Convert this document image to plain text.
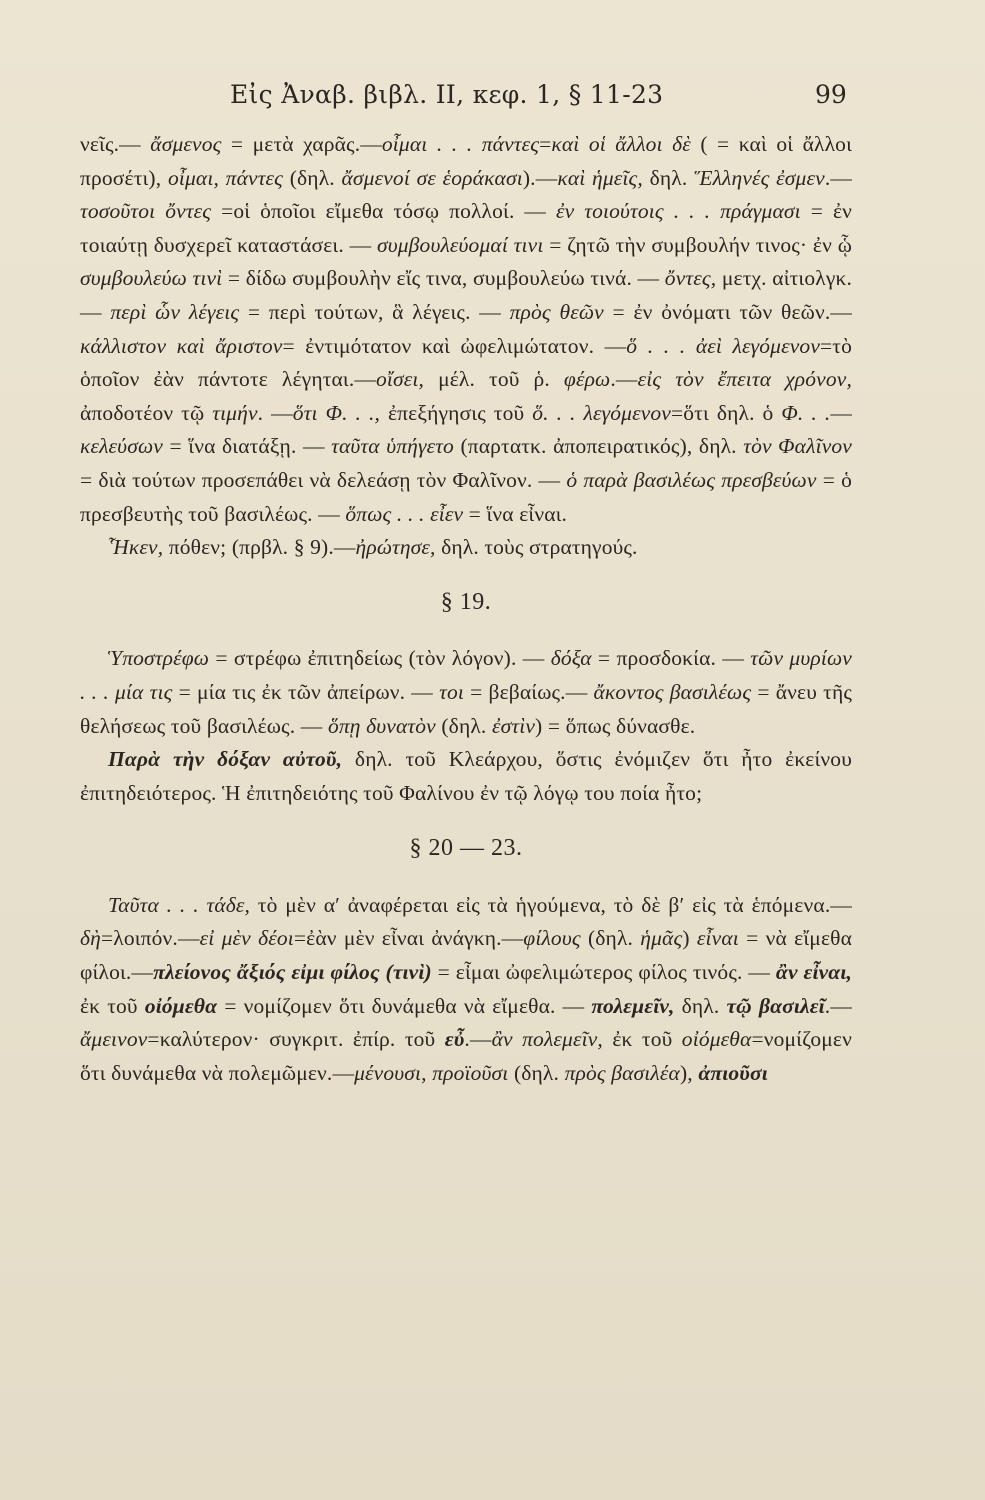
Εἰς Ἀναβ. βιβλ. II, κεφ. 1, § 11‑23	99

νεῖς.— ἄσμενος = μετὰ χαρᾶς.—οἶμαι . . . πάντες=καὶ οἱ ἄλλοι δὲ ( = καὶ οἱ ἄλλοι προσέτι), οἶμαι, πάντες (δηλ. ἄσμενοί σε ἑοράκασι).—καὶ ἡμεῖς, δηλ. Ἕλληνές ἐσμεν.—τοσοῦτοι ὄντες =οἱ ὁποῖοι εἴμεθα τόσῳ πολλοί. — ἐν τοιούτοις . . . πράγμασι = ἐν τοιαύτῃ δυσχερεῖ καταστάσει. — συμβουλεύομαί τινι = ζητῶ τὴν συμβουλήν τινος· ἐν ᾧ συμβουλεύω τινὶ = δίδω συμβουλὴν εἴς τινα, συμβουλεύω τινά. — ὄντες, μετχ. αἰτιολγκ. — περὶ ὧν λέγεις = περὶ τούτων, ἃ λέγεις. — πρὸς θεῶν = ἐν ὀνόματι τῶν θεῶν.—κάλλιστον καὶ ἄριστον= ἐντιμότατον καὶ ὠφελιμώτατον. —ὅ . . . ἀεὶ λεγόμενον=τὸ ὁποῖον ἐὰν πάντοτε λέγηται.—οἴσει, μέλ. τοῦ ῥ. φέρω.—εἰς τὸν ἔπειτα χρόνον, ἀποδοτέον τῷ τιμήν. —ὅτι Φ. . ., ἐπεξήγησις τοῦ ὅ. . . λεγόμενον=ὅτι δηλ. ὁ Φ. . .— κελεύσων = ἵνα διατάξῃ. — ταῦτα ὑπήγετο (παρτατκ. ἀποπειρατικός), δηλ. τὸν Φαλῖνον = διὰ τούτων προσεπάθει νὰ δελεάσῃ τὸν Φαλῖνον. — ὁ παρὰ βασιλέως πρεσβεύων = ὁ πρεσβευτὴς τοῦ βασιλέως. — ὅπως . . . εἶεν = ἵνα εἶναι.

Ἧκεν, πόθεν; (πρβλ. § 9).—ἠρώτησε, δηλ. τοὺς στρατηγούς.

§ 19.

Ὑποστρέφω = στρέφω ἐπιτηδείως (τὸν λόγον). — δόξα = προσδοκία. — τῶν μυρίων . . . μία τις = μία τις ἐκ τῶν ἀπείρων. — τοι = βεβαίως.— ἄκοντος βασιλέως = ἄνευ τῆς θελήσεως τοῦ βασιλέως. — ὅπῃ δυνατὸν (δηλ. ἐστὶν) = ὅπως δύνασθε.

Παρὰ τὴν δόξαν αὐτοῦ, δηλ. τοῦ Κλεάρχου, ὅστις ἐνόμιζεν ὅτι ἦτο ἐκείνου ἐπιτηδειότερος. Ἡ ἐπιτηδειότης τοῦ Φαλίνου ἐν τῷ λόγῳ του ποία ἦτο;

§ 20 — 23.

Ταῦτα . . . τάδε, τὸ μὲν α′ ἀναφέρεται εἰς τὰ ἡγούμενα, τὸ δὲ β′ εἰς τὰ ἑπόμενα.—δὴ=λοιπόν.—εἰ μὲν δέοι=ἐὰν μὲν εἶναι ἀνάγκη.—φίλους (δηλ. ἡμᾶς) εἶναι = νὰ εἴμεθα φίλοι.—πλείονος ἄξιός εἰμι φίλος (τινὶ) = εἶμαι ὠφελιμώτερος φίλος τινός. — ἂν εἶναι, ἐκ τοῦ οἰόμεθα = νομίζομεν ὅτι δυνάμεθα νὰ εἴμεθα. — πολεμεῖν, δηλ. τῷ βασιλεῖ.—ἄμεινον=καλύτερον· συγκριτ. ἐπίρ. τοῦ εὖ.—ἂν πολεμεῖν, ἐκ τοῦ οἰόμεθα=νομίζομεν ὅτι δυνάμεθα νὰ πολεμῶμεν.—μένουσι, προϊοῦσι (δηλ. πρὸς βασιλέα), ἀπιοῦσι
